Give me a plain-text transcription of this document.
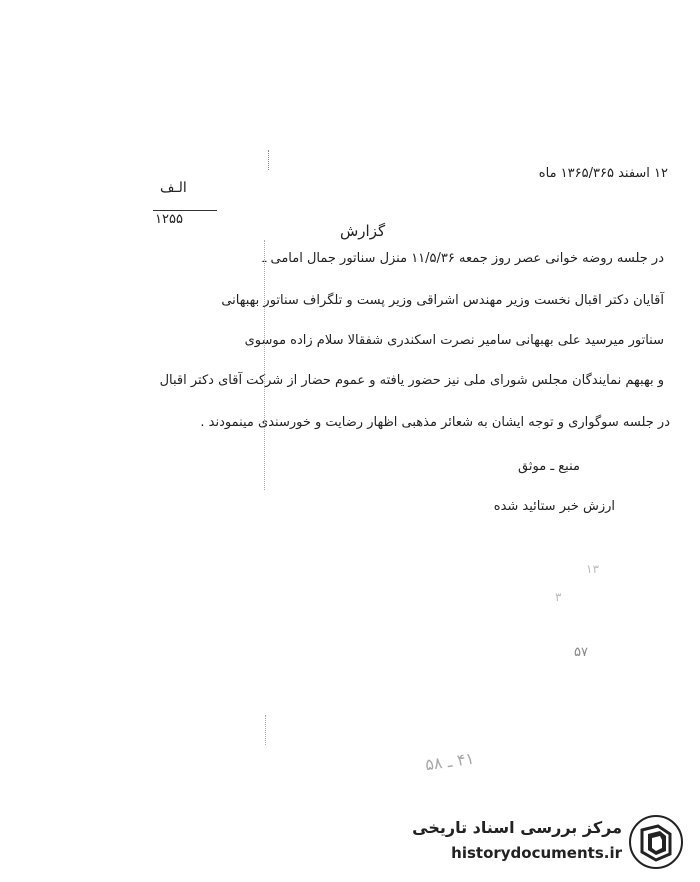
۱۲ اسفند ۱۳۶۵/۳۶۵ ماه
الـف
۱۲۵۵
گزارش
در جلسه روضه خوانی عصر روز جمعه ۱۱/۵/۳۶ منزل سناتور جمال امامی ـ
آقایان دکتر اقبال نخست وزیر مهندس اشراقی وزیر پست و تلگراف سناتور بهبهانی
سناتور میرسید علی بهبهانی سامیر نصرت اسکندری شفقالا سلام زاده موسوی
و بهبهم نمایندگان مجلس شورای ملی نیز حضور یافته و عموم حضار از شرکت آقای دکتر اقبال
در جلسه سوگواری و توجه ایشان به شعائر مذهبی اظهار رضایت و خورسندی مینمودند .
منبع ـ موثق
ارزش خبر ستائید شده
۱۳
۳
۵۷
۴۱ ـ ۵۸
مرکز بررسی اسناد تاریخی
historydocuments.ir
